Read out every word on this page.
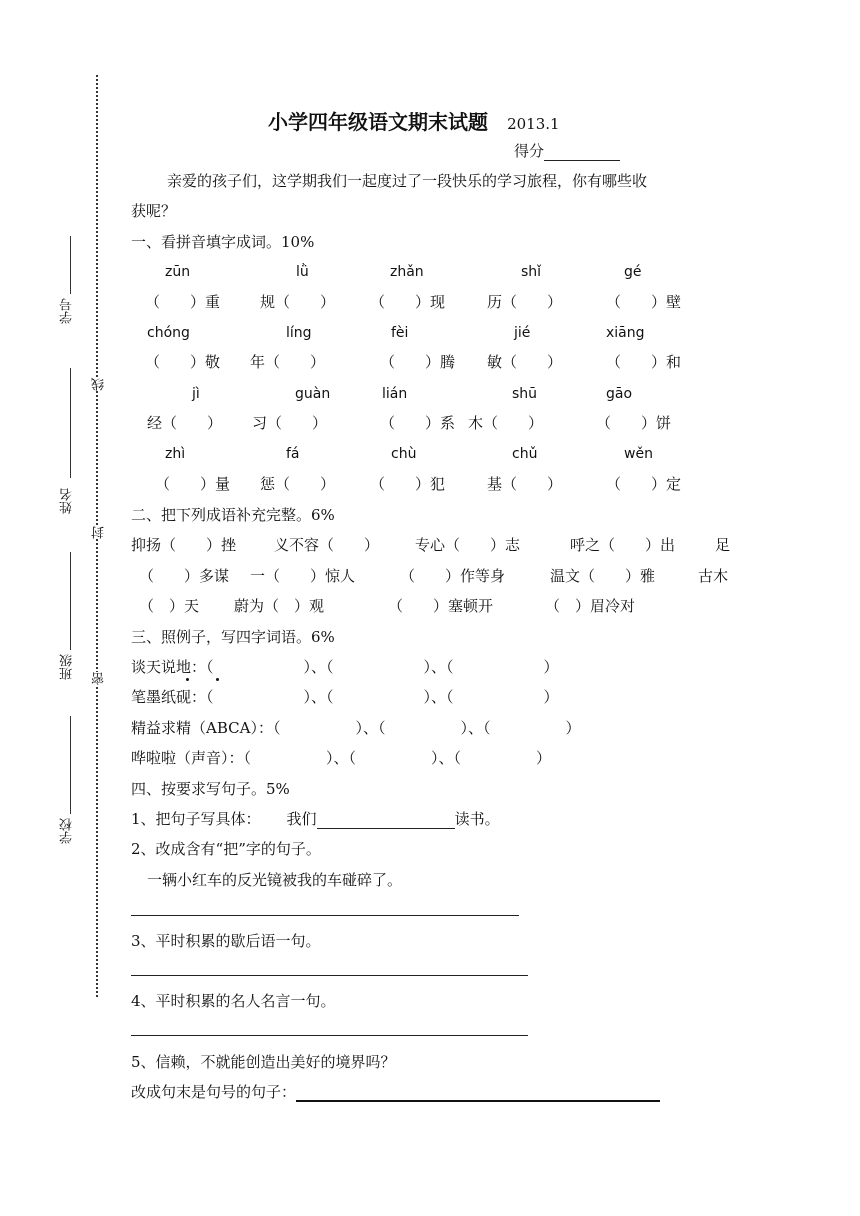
学号
姓名
班级
学校
线
封
密
小学四年级语文期末试题 2013.1
得分
亲爱的孩子们，这学期我们一起度过了一段快乐的学习旅程，你有哪些收
获呢？
一、看拼音填字成词。10%
zūn	lǜ	zhǎn	shǐ	gé
（　　）重	规（　　） （　　）现	历（　　）	（　　）壁
chóng	líng	fèi	jié	xiāng
（　　）敬 年（　　）	（　　）腾 敏（　　）	（　　）和
jì	guàn	lián	shū	gāo
经（　　） 习（　　）	（　　）系 木（　　）	（　　）饼
zhì	fá	chù	chǔ	wěn
（　　）量 惩（　　） （　　）犯	基（　　）	（　　）定
二、把下列成语补充完整。6%
抑扬（　　）挫	义不容（　　） 专心（　　）志	呼之（　　）出	足
（　　）多谋 一（　　）惊人	（　　）作等身	温文（　　）雅	古木
（　）天 蔚为（　）观	（　　）塞顿开	（　）眉冷对
三、照例子，写四字词语。6%
谈天说地：（　　　　　　）、（　　　　　　）、（　　　　　　）
笔墨纸砚：（　　　　　　）、（　　　　　　）、（　　　　　　）
精益求精（ABCA）：（　　　　　）、（　　　　　）、（　　　　　）
哗啦啦（声音）：（　　　　　）、（　　　　　）、（　　　　　）
四、按要求写句子。5%
1、把句子写具体： 我们	读书。
2、改成含有“把”字的句子。
一辆小红车的反光镜被我的车碰碎了。
3、平时积累的歇后语一句。
4、平时积累的名人名言一句。
5、信赖，不就能创造出美好的境界吗？
改成句末是句号的句子：
